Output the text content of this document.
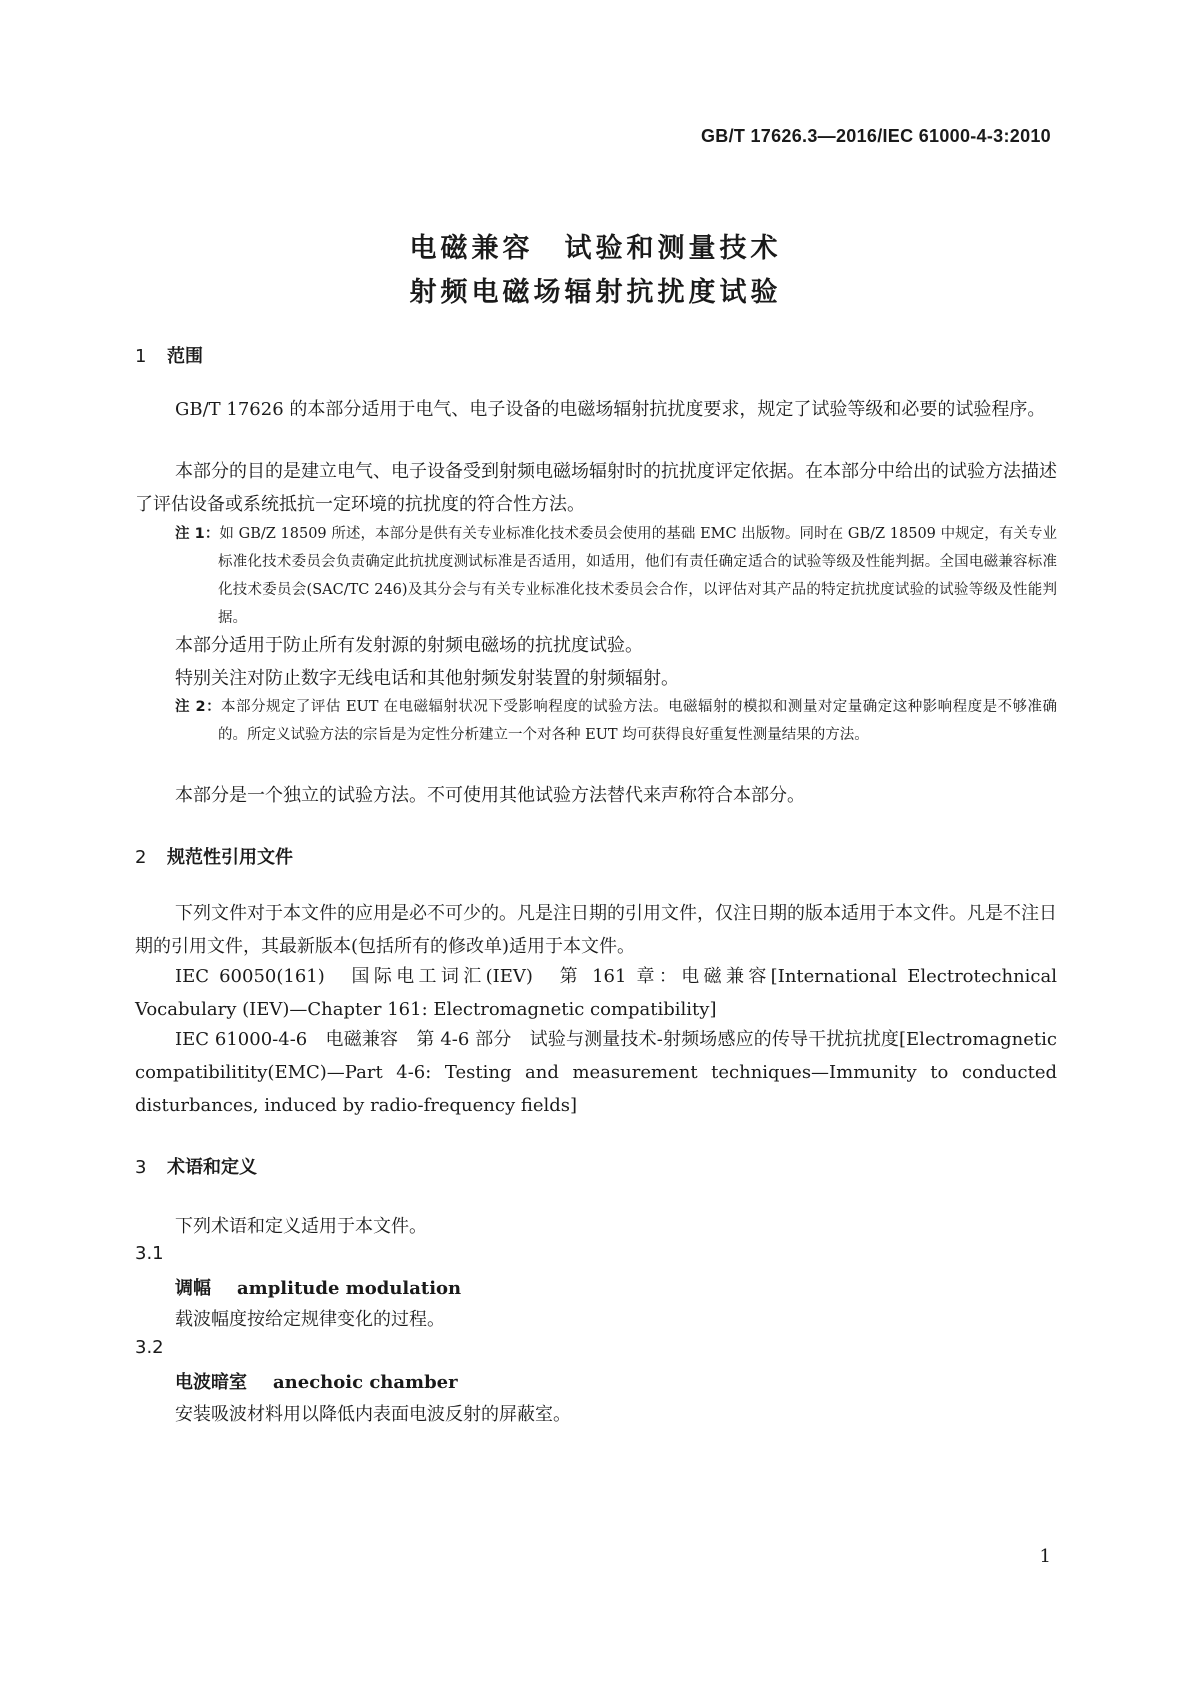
GB/T 17626.3—2016/IEC 61000-4-3:2010
电磁兼容　试验和测量技术
射频电磁场辐射抗扰度试验
1 范围
GB/T 17626 的本部分适用于电气、电子设备的电磁场辐射抗扰度要求，规定了试验等级和必要的试验程序。
本部分的目的是建立电气、电子设备受到射频电磁场辐射时的抗扰度评定依据。在本部分中给出的试验方法描述了评估设备或系统抵抗一定环境的抗扰度的符合性方法。
注 1：如 GB/Z 18509 所述，本部分是供有关专业标准化技术委员会使用的基础 EMC 出版物。同时在 GB/Z 18509 中规定，有关专业标准化技术委员会负责确定此抗扰度测试标准是否适用，如适用，他们有责任确定适合的试验等级及性能判据。全国电磁兼容标准化技术委员会(SAC/TC 246)及其分会与有关专业标准化技术委员会合作，以评估对其产品的特定抗扰度试验的试验等级及性能判据。
本部分适用于防止所有发射源的射频电磁场的抗扰度试验。
特别关注对防止数字无线电话和其他射频发射装置的射频辐射。
注 2：本部分规定了评估 EUT 在电磁辐射状况下受影响程度的试验方法。电磁辐射的模拟和测量对定量确定这种影响程度是不够准确的。所定义试验方法的宗旨是为定性分析建立一个对各种 EUT 均可获得良好重复性测量结果的方法。
本部分是一个独立的试验方法。不可使用其他试验方法替代来声称符合本部分。
2 规范性引用文件
下列文件对于本文件的应用是必不可少的。凡是注日期的引用文件，仅注日期的版本适用于本文件。凡是不注日期的引用文件，其最新版本(包括所有的修改单)适用于本文件。
IEC 60050(161)　国际电工词汇(IEV)　第 161 章：电磁兼容[International Electrotechnical Vocabulary (IEV)—Chapter 161: Electromagnetic compatibility]
IEC 61000-4-6　电磁兼容　第 4-6 部分　试验与测量技术-射频场感应的传导干扰抗扰度[Electromagnetic compatibilitity(EMC)—Part 4-6: Testing and measurement techniques—Immunity to conducted disturbances, induced by radio-frequency fields]
3 术语和定义
下列术语和定义适用于本文件。
3.1
调幅 amplitude modulation
载波幅度按给定规律变化的过程。
3.2
电波暗室 anechoic chamber
安装吸波材料用以降低内表面电波反射的屏蔽室。
1
